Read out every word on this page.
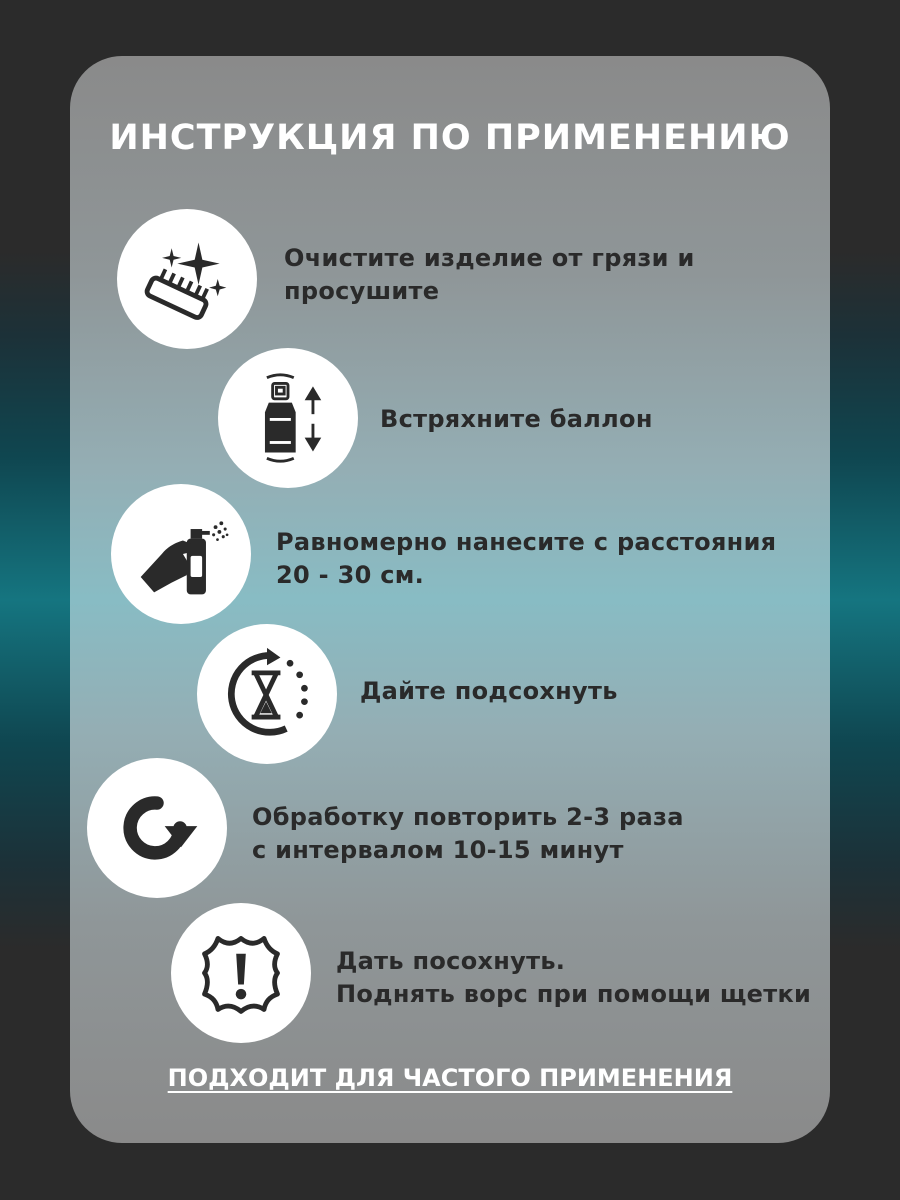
ИНСТРУКЦИЯ ПО ПРИМЕНЕНИЮ
Очистите изделие от грязи и
просушите
Встряхните баллон
Равномерно нанесите с расстояния
20 - 30 см.
Дайте подсохнуть
Обработку повторить 2-3 раза
с интервалом 10-15 минут
Дать посохнуть.
Поднять ворс при помощи щетки
ПОДХОДИТ ДЛЯ ЧАСТОГО ПРИМЕНЕНИЯ
